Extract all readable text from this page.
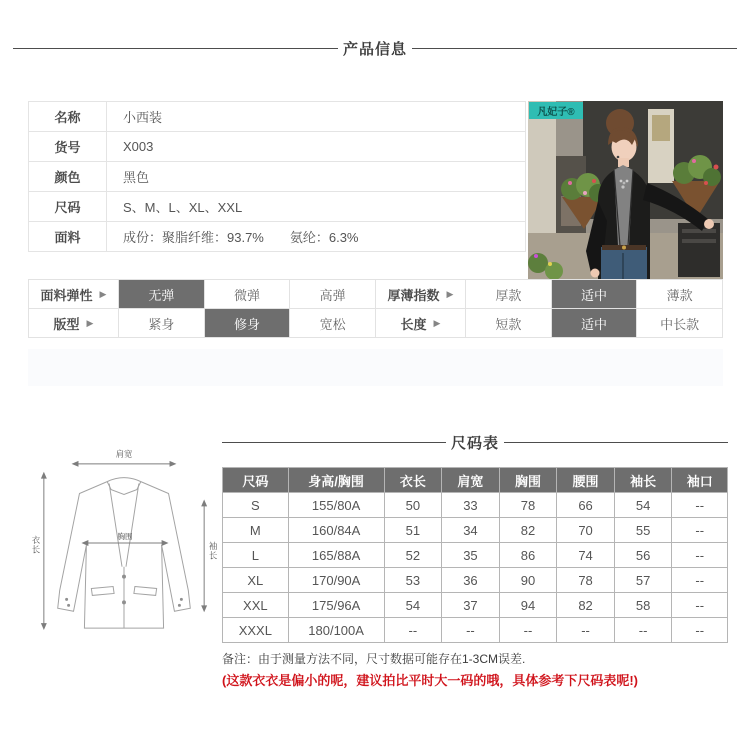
产品信息
名称	小西装
货号	X003
颜色	黑色
尺码	S、M、L、XL、XXL
面料	成份：聚脂纤维：93.7%　　氨纶：6.3%
凡妃子®
面料弹性 ▶	无弹	微弹	高弹	厚薄指数 ▶	厚款	适中	薄款
版型 ▶	紧身	修身	宽松	长度 ▶	短款	适中	中长款
肩宽
衣长	袖长
胸围
尺码表
尺码	身高/胸围	衣长	肩宽	胸围	腰围	袖长	袖口
S	155/80A	50	33	78	66	54	--
M	160/84A	51	34	82	70	55	--
L	165/88A	52	35	86	74	56	--
XL	170/90A	53	36	90	78	57	--
XXL	175/96A	54	37	94	82	58	--
XXXL	180/100A	--	--	--	--	--	--
备注：由于测量方法不同，尺寸数据可能存在1-3CM误差.
(这款衣衣是偏小的呢，建议拍比平时大一码的哦，具体参考下尺码表呢!)
